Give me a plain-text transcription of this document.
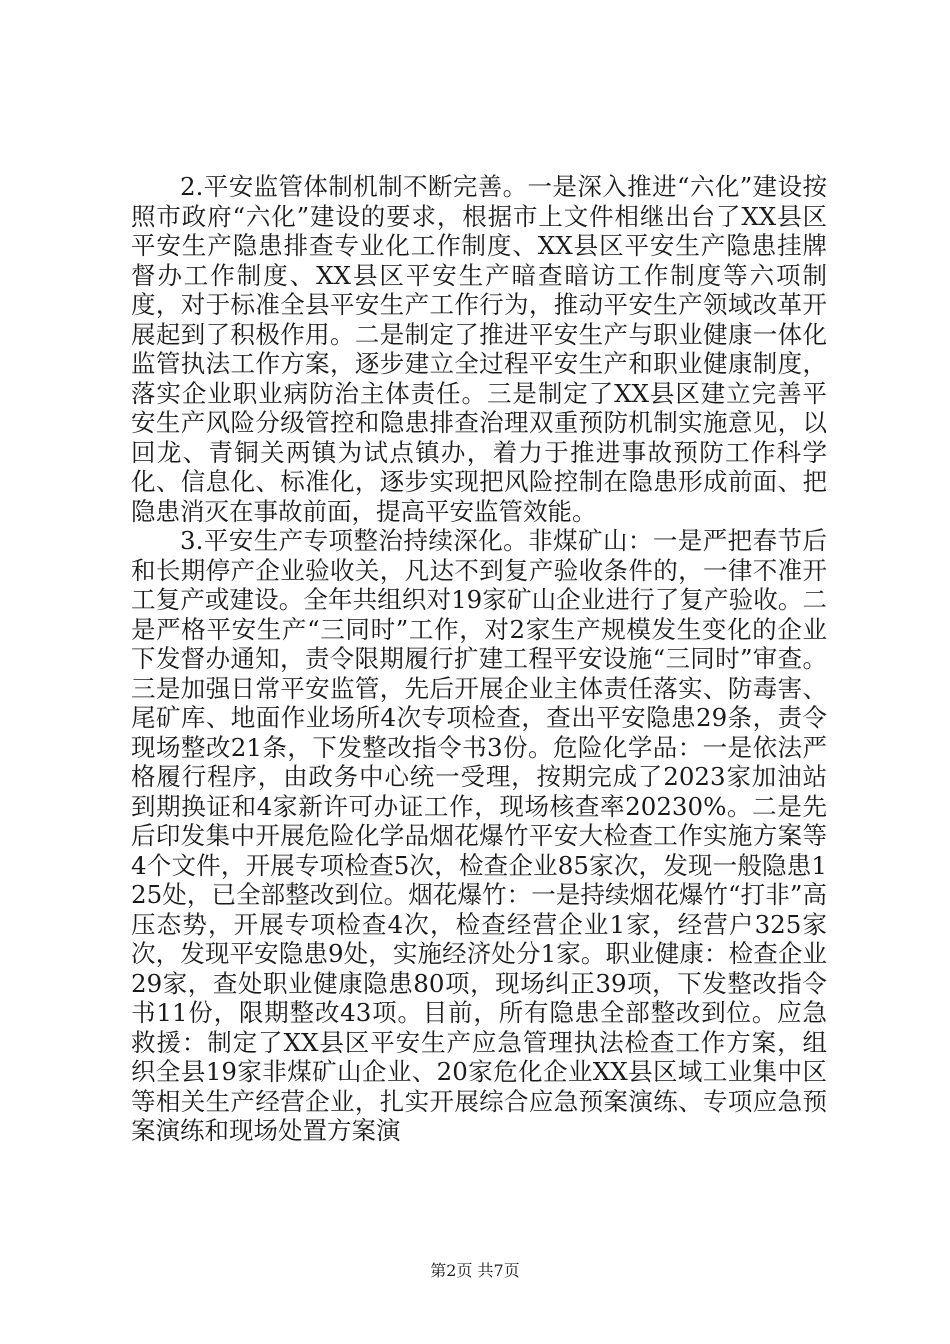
2.平安监管体制机制不断完善。一是深入推进“六化”建设按照市政府“六化”建设的要求，根据市上文件相继出台了XX县区平安生产隐患排查专业化工作制度、XX县区平安生产隐患挂牌督办工作制度、XX县区平安生产暗查暗访工作制度等六项制度，对于标准全县平安生产工作行为，推动平安生产领域改革开展起到了积极作用。二是制定了推进平安生产与职业健康一体化监管执法工作方案，逐步建立全过程平安生产和职业健康制度，落实企业职业病防治主体责任。三是制定了XX县区建立完善平安生产风险分级管控和隐患排查治理双重预防机制实施意见，以回龙、青铜关两镇为试点镇办，着力于推进事故预防工作科学化、信息化、标准化，逐步实现把风险控制在隐患形成前面、把隐患消灭在事故前面，提高平安监管效能。

3.平安生产专项整治持续深化。非煤矿山：一是严把春节后和长期停产企业验收关，凡达不到复产验收条件的，一律不准开工复产或建设。全年共组织对19家矿山企业进行了复产验收。二是严格平安生产“三同时”工作，对2家生产规模发生变化的企业下发督办通知，责令限期履行扩建工程平安设施“三同时”审查。三是加强日常平安监管，先后开展企业主体责任落实、防毒害、尾矿库、地面作业场所4次专项检查，查出平安隐患29条，责令现场整改21条，下发整改指令书3份。危险化学品：一是依法严格履行程序，由政务中心统一受理，按期完成了2023家加油站到期换证和4家新许可办证工作，现场核查率20230%。二是先后印发集中开展危险化学品烟花爆竹平安大检查工作实施方案等4个文件，开展专项检查5次，检查企业85家次，发现一般隐患125处，已全部整改到位。烟花爆竹：一是持续烟花爆竹“打非”高压态势，开展专项检查4次，检查经营企业1家，经营户325家次，发现平安隐患9处，实施经济处分1家。职业健康：检查企业29家，查处职业健康隐患80项，现场纠正39项，下发整改指令书11份，限期整改43项。目前，所有隐患全部整改到位。应急救援：制定了XX县区平安生产应急管理执法检查工作方案，组织全县19家非煤矿山企业、20家危化企业XX县区域工业集中区等相关生产经营企业，扎实开展综合应急预案演练、专项应急预案演练和现场处置方案演

第2页 共7页
